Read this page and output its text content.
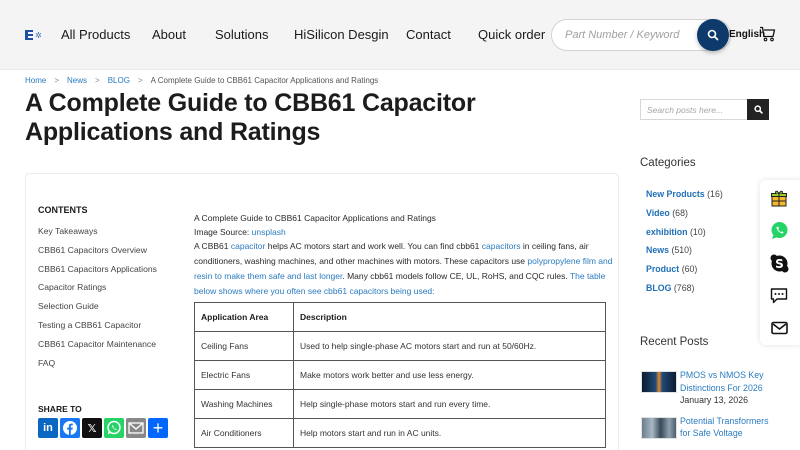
✲ All Products About Solutions HiSilicon Desgin Contact Quick order
Part Number / Keyword	English
Home > News > BLOG > A Complete Guide to CBB61 Capacitor Applications and Ratings
A Complete Guide to CBB61 Capacitor Applications and Ratings
CONTENTS
Key Takeaways
CBB61 Capacitors Overview
CBB61 Capacitors Applications
Capacitor Ratings
Selection Guide
Testing a CBB61 Capacitor
CBB61 Capacitor Maintenance
FAQ
SHARE TO
in	𝕏	+

A Complete Guide to CBB61 Capacitor Applications and Ratings

Image Source: unsplash

A CBB61 capacitor helps AC motors start and work well. You can find cbb61 capacitors in ceiling fans, air conditioners, washing machines, and other machines with motors. These capacitors use polypropylene film and resin to make them safe and last longer. Many cbb61 models follow CE, UL, RoHS, and CQC rules. The table below shows where you often see cbb61 capacitors being used:

Application Area	Description
Ceiling Fans	Used to help single-phase AC motors start and run at 50/60Hz.
Electric Fans	Make motors work better and use less energy.
Washing Machines	Help single-phase motors start and run every time.
Air Conditioners	Help motors start and run in AC units.
Search posts here...
Categories
New Products (16)
Video (68)
exhibition (10)
News (510)
Product (60)
BLOG (768)
Recent Posts
PMOS vs NMOS Key Distinctions For 2026
January 13, 2026
Potential Transformers for Safe Voltage
S
